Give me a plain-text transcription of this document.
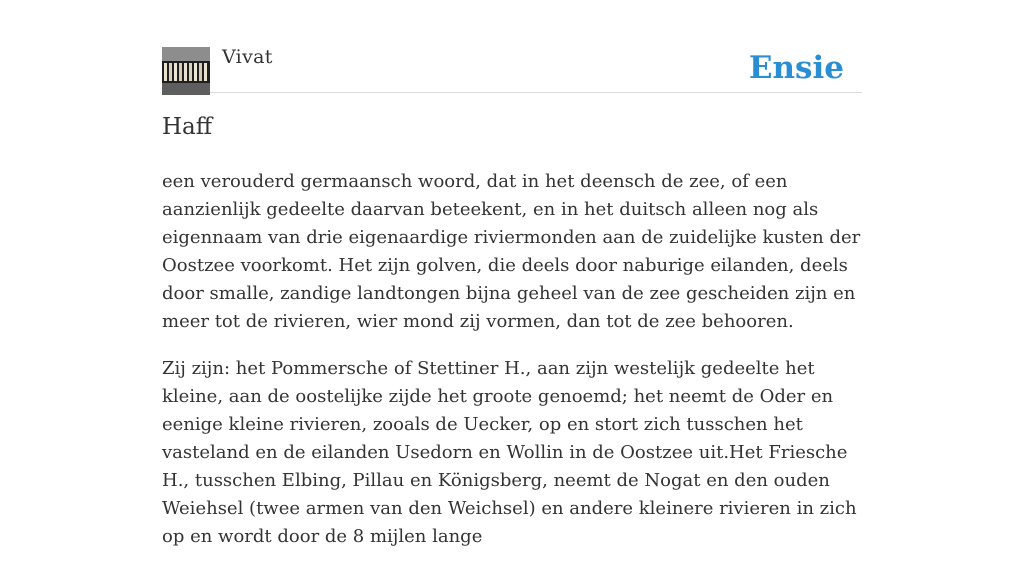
Vivat	Ensie
Haff

een verouderd germaansch woord, dat in het deensch de zee, of een aanzienlijk gedeelte daarvan beteekent, en in het duitsch alleen nog als eigennaam van drie eigenaardige riviermonden aan de zuidelijke kusten der Oostzee voorkomt. Het zijn golven, die deels door naburige eilanden, deels door smalle, zandige landtongen bijna geheel van de zee gescheiden zijn en meer tot de rivieren, wier mond zij vormen, dan tot de zee behooren.

Zij zijn: het Pommersche of Stettiner H., aan zijn westelijk gedeelte het kleine, aan de oostelijke zijde het groote genoemd; het neemt de Oder en eenige kleine rivieren, zooals de Uecker, op en stort zich tusschen het vasteland en de eilanden Usedorn en Wollin in de Oostzee uit.Het Friesche H., tusschen Elbing, Pillau en Königsberg, neemt de Nogat en den ouden Weiehsel (twee armen van den Weichsel) en andere kleinere rivieren in zich op en wordt door de 8 mijlen lange
